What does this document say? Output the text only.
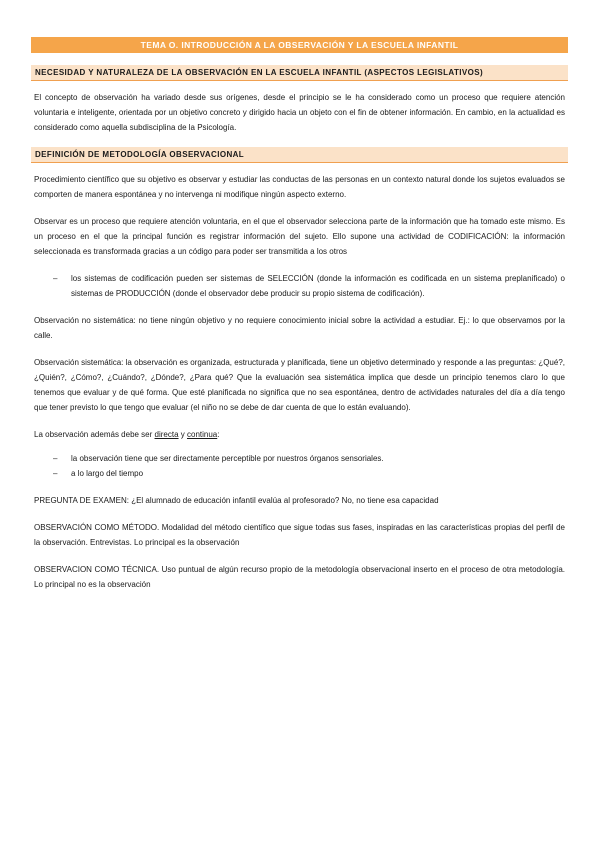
TEMA O. INTRODUCCIÓN A LA OBSERVACIÓN Y LA ESCUELA INFANTIL
NECESIDAD Y NATURALEZA DE LA OBSERVACIÓN EN LA ESCUELA INFANTIL (ASPECTOS LEGISLATIVOS)

El concepto de observación ha variado desde sus orígenes, desde el principio se le ha considerado como un proceso que requiere atención voluntaria e inteligente, orientada por un objetivo concreto y dirigido hacia un objeto con el fin de obtener información. En cambio, en la actualidad es considerado como aquella subdisciplina de la Psicología.

DEFINICIÓN DE METODOLOGÍA OBSERVACIONAL

Procedimiento científico que su objetivo es observar y estudiar las conductas de las personas en un contexto natural donde los sujetos evaluados se comporten de manera espontánea y no intervenga ni modifique ningún aspecto externo.

Observar es un proceso que requiere atención voluntaria, en el que el observador selecciona parte de la información que ha tomado este mismo. Es un proceso en el que la principal función es registrar información del sujeto. Ello supone una actividad de CODIFICACIÓN: la información seleccionada es transformada gracias a un código para poder ser transmitida a los otros

– los sistemas de codificación pueden ser sistemas de SELECCIÓN (donde la información es codificada en un sistema preplanificado) o sistemas de PRODUCCIÓN (donde el observador debe producir su propio sistema de codificación).

Observación no sistemática: no tiene ningún objetivo y no requiere conocimiento inicial sobre la actividad a estudiar. Ej.: lo que observamos por la calle.

Observación sistemática: la observación es organizada, estructurada y planificada, tiene un objetivo determinado y responde a las preguntas: ¿Qué?,¿Quién?, ¿Cómo?, ¿Cuándo?, ¿Dónde?, ¿Para qué? Que la evaluación sea sistemática implica que desde un principio tenemos claro lo que tenemos que evaluar y de qué forma. Que esté planificada no significa que no sea espontánea, dentro de actividades naturales del día a día tengo que tener previsto lo que tengo que evaluar (el niño no se debe de dar cuenta de que lo están evaluando).

La observación además debe ser directa y continua:

– la observación tiene que ser directamente perceptible por nuestros órganos sensoriales.
– a lo largo del tiempo

PREGUNTA DE EXAMEN: ¿El alumnado de educación infantil evalúa al profesorado? No, no tiene esa capacidad

OBSERVACIÓN COMO MÉTODO. Modalidad del método científico que sigue todas sus fases, inspiradas en las características propias del perfil de la observación. Entrevistas. Lo principal es la observación

OBSERVACION COMO TÉCNICA. Uso puntual de algún recurso propio de la metodología observacional inserto en el proceso de otra metodología. Lo principal no es la observación
